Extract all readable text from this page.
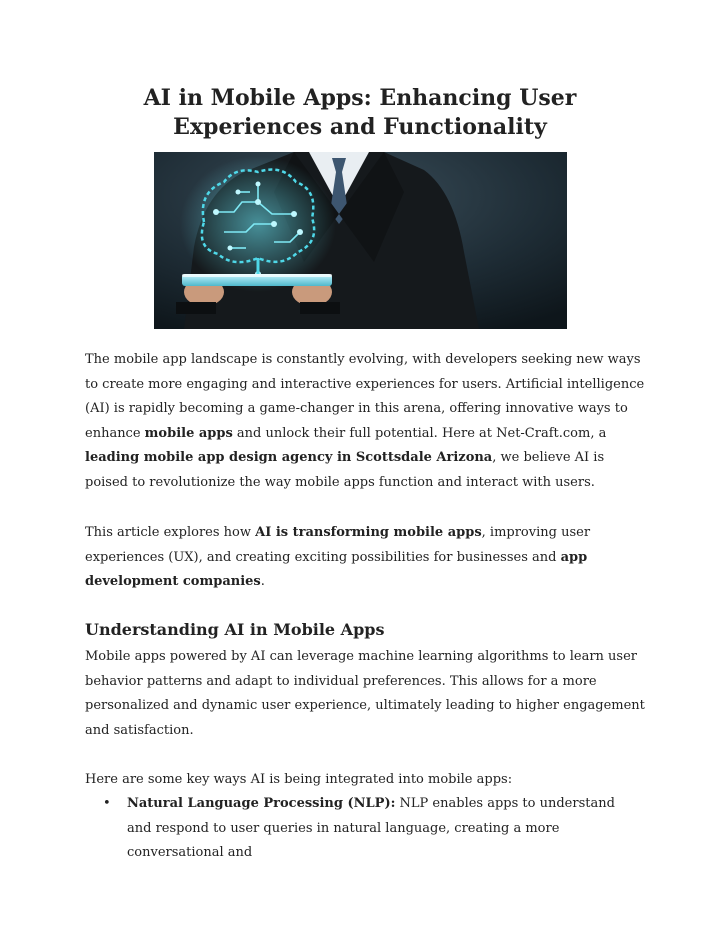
AI in Mobile Apps: Enhancing User
Experiences and Functionality

The mobile app landscape is constantly evolving, with developers seeking new ways to create more engaging and interactive experiences for users. Artificial intelligence (AI) is rapidly becoming a game-changer in this arena, offering innovative ways to enhance mobile apps and unlock their full potential. Here at Net-Craft.com, a leading mobile app design agency in Scottsdale Arizona, we believe AI is poised to revolutionize the way mobile apps function and interact with users.

This article explores how AI is transforming mobile apps, improving user experiences (UX), and creating exciting possibilities for businesses and app development companies.

Understanding AI in Mobile Apps

Mobile apps powered by AI can leverage machine learning algorithms to learn user behavior patterns and adapt to individual preferences. This allows for a more personalized and dynamic user experience, ultimately leading to higher engagement and satisfaction.

Here are some key ways AI is being integrated into mobile apps:

• Natural Language Processing (NLP): NLP enables apps to understand and respond to user queries in natural language, creating a more conversational and
